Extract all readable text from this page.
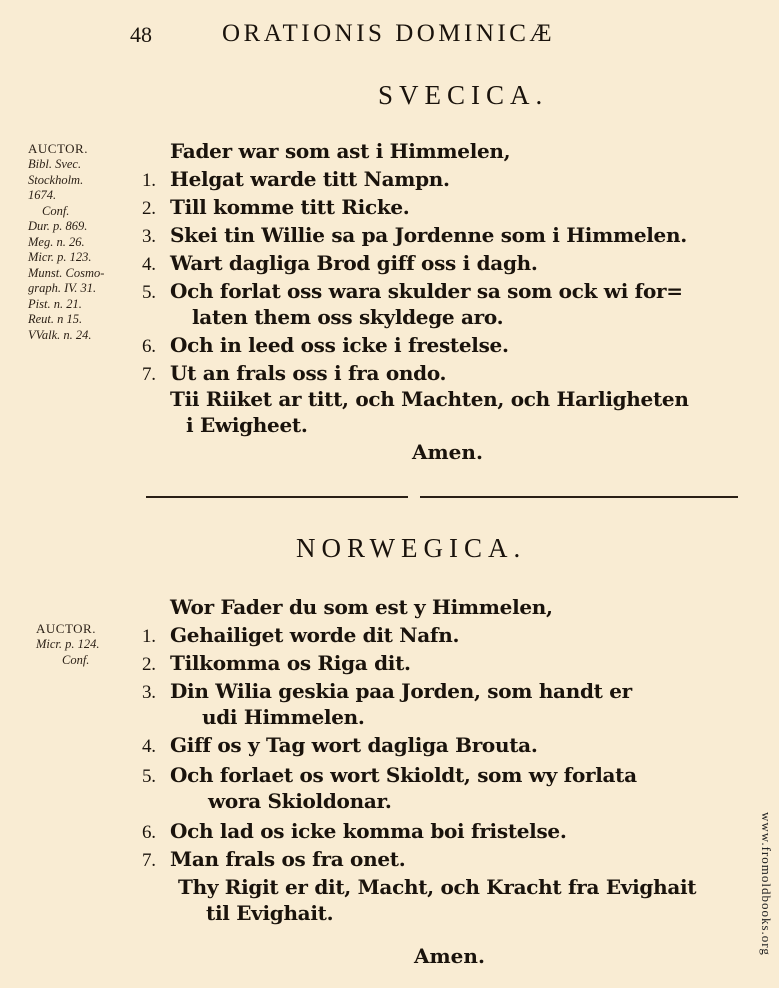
48	ORATIONIS DOMINICÆ
SVECICA.
AUCTOR.
Bibl. Svec.
Stockholm.
1674.
Conf.
Dur. p. 869.
Meg. n. 26.
Micr. p. 123.
Munst. Cosmo-
graph. IV. 31.
Pist. n. 21.
Reut. n 15.
VValk. n. 24.
Fader war som ast i Himmelen,
1. Helgat warde titt Nampn.
2. Till komme titt Ricke.
3. Skei tin Willie sa pa Jordenne som i Himmelen.
4. Wart dagliga Brod giff oss i dagh.
5. Och forlat oss wara skulder sa som ock wi for=
laten them oss skyldege aro.
6. Och in leed oss icke i frestelse.
7. Ut an frals oss i fra ondo.
Tii Riiket ar titt, och Machten, och Harligheten
i Ewigheet.
Amen.
NORWEGICA.
AUCTOR.
Micr. p. 124.
Conf.
Wor Fader du som est y Himmelen,
1. Gehailiget worde dit Nafn.
2. Tilkomma os Riga dit.
3. Din Wilia geskia paa Jorden, som handt er
udi Himmelen.
4. Giff os y Tag wort dagliga Brouta.
5. Och forlaet os wort Skioldt, som wy forlata
wora Skioldonar.
6. Och lad os icke komma boi fristelse.
7. Man frals os fra onet.
Thy Rigit er dit, Macht, och Kracht fra Evighait
til Evighait.
Amen.
www.fromoldbooks.org
